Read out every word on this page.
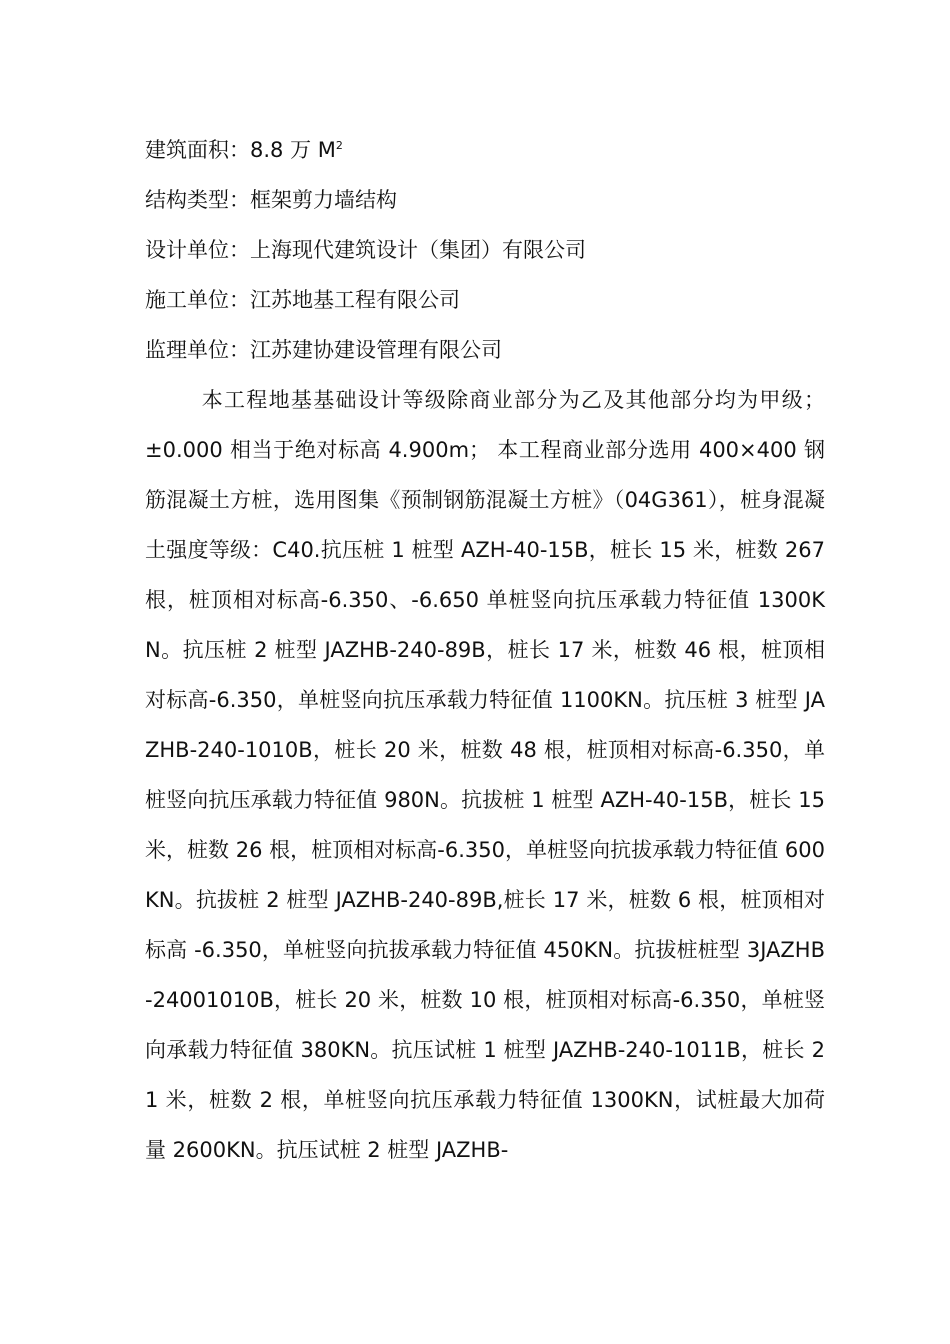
建筑面积：8.8 万 $M^2$
结构类型：框架剪力墙结构
设计单位：上海现代建筑设计（集团）有限公司
施工单位：江苏地基工程有限公司
监理单位：江苏建协建设管理有限公司

本工程地基基础设计等级除商业部分为乙及其他部分均为甲级； ±0.000 相当于绝对标高 4.900m； 本工程商业部分选用 400×400 钢筋混凝土方桩，选用图集《预制钢筋混凝土方桩》（04G361），桩身混凝土强度等级：C40.抗压桩 1 桩型 AZH-40-15B，桩长 15 米，桩数 267 根，桩顶相对标高-6.350、-6.650 单桩竖向抗压承载力特征值 1300KN。抗压桩 2 桩型 JAZHB-240-89B，桩长 17 米，桩数 46 根，桩顶相对标高-6.350，单桩竖向抗压承载力特征值 1100KN。抗压桩 3 桩型 JAZHB-240-1010B，桩长 20 米，桩数 48 根，桩顶相对标高-6.350，单桩竖向抗压承载力特征值 980N。抗拔桩 1 桩型 AZH-40-15B，桩长 15 米，桩数 26 根，桩顶相对标高-6.350，单桩竖向抗拔承载力特征值 600KN。抗拔桩 2 桩型 JAZHB-240-89B,桩长 17 米，桩数 6 根，桩顶相对标高 -6.350，单桩竖向抗拔承载力特征值 450KN。抗拔桩桩型 3JAZHB-24001010B，桩长 20 米，桩数 10 根，桩顶相对标高-6.350，单桩竖向承载力特征值 380KN。抗压试桩 1 桩型 JAZHB-240-1011B，桩长 21 米，桩数 2 根，单桩竖向抗压承载力特征值 1300KN，试桩最大加荷量 2600KN。抗压试桩 2 桩型 JAZHB-
